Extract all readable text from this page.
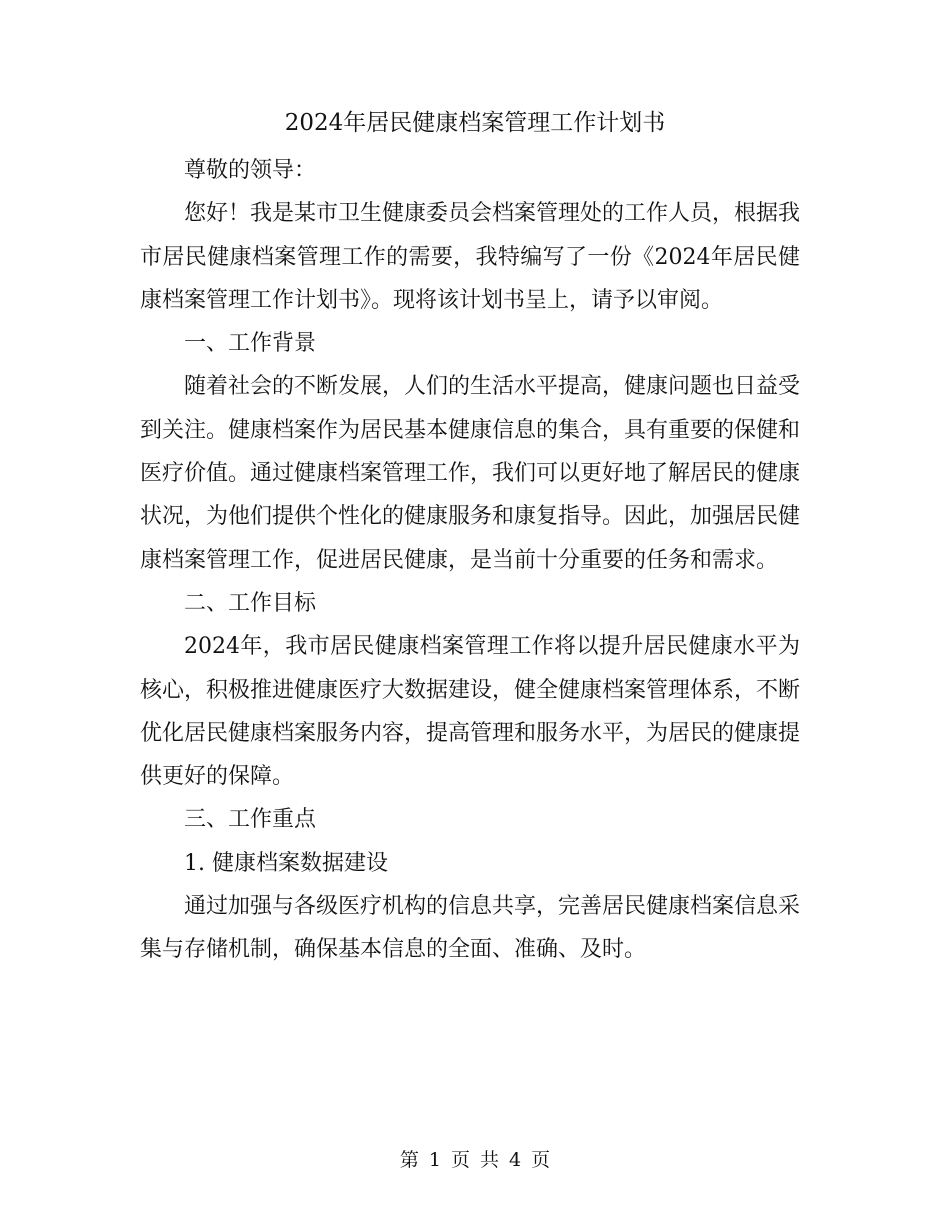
2024年居民健康档案管理工作计划书

尊敬的领导：

您好！我是某市卫生健康委员会档案管理处的工作人员，根据我市居民健康档案管理工作的需要，我特编写了一份《2024年居民健康档案管理工作计划书》。现将该计划书呈上，请予以审阅。

一、工作背景

随着社会的不断发展，人们的生活水平提高，健康问题也日益受到关注。健康档案作为居民基本健康信息的集合，具有重要的保健和医疗价值。通过健康档案管理工作，我们可以更好地了解居民的健康状况，为他们提供个性化的健康服务和康复指导。因此，加强居民健康档案管理工作，促进居民健康，是当前十分重要的任务和需求。

二、工作目标

2024年，我市居民健康档案管理工作将以提升居民健康水平为核心，积极推进健康医疗大数据建设，健全健康档案管理体系，不断优化居民健康档案服务内容，提高管理和服务水平，为居民的健康提供更好的保障。

三、工作重点

1. 健康档案数据建设

通过加强与各级医疗机构的信息共享，完善居民健康档案信息采集与存储机制，确保基本信息的全面、准确、及时。

第 1 页 共 4 页
